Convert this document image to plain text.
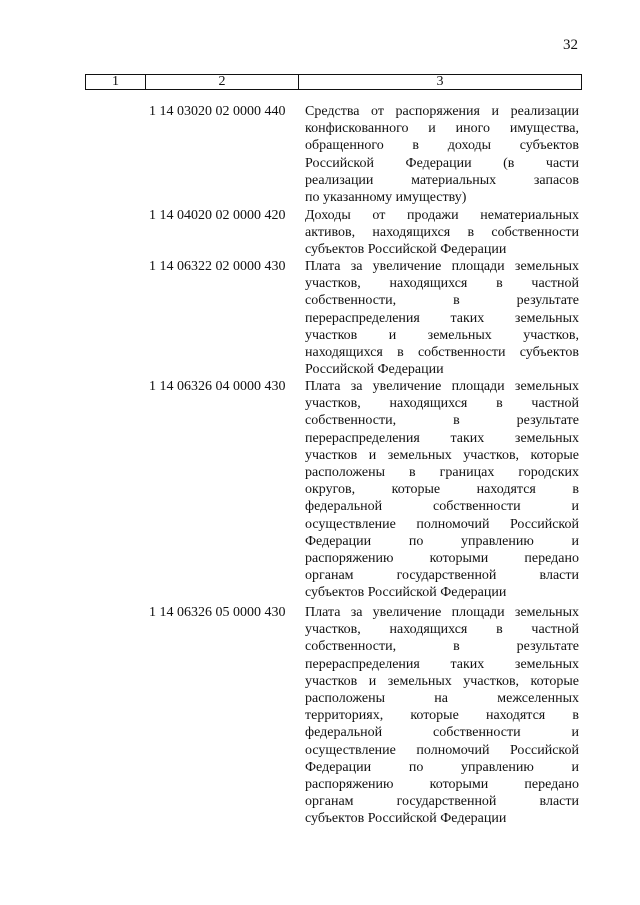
32
1	2	3
1 14 03020 02 0000 440 Средства от распоряжения и реализации
конфискованного и иного имущества,
обращенного в доходы субъектов
Российской Федерации (в части
реализации материальных запасов
по указанному имуществу)
1 14 04020 02 0000 420 Доходы от продажи нематериальных
активов, находящихся в собственности
субъектов Российской Федерации
1 14 06322 02 0000 430 Плата за увеличение площади земельных
участков, находящихся в частной
собственности, в результате
перераспределения таких земельных
участков и земельных участков,
находящихся в собственности субъектов
Российской Федерации
1 14 06326 04 0000 430 Плата за увеличение площади земельных
участков, находящихся в частной
собственности, в результате
перераспределения таких земельных
участков и земельных участков, которые
расположены в границах городских
округов, которые находятся в
федеральной собственности и
осуществление полномочий Российской
Федерации по управлению и
распоряжению которыми передано
органам государственной власти
субъектов Российской Федерации
1 14 06326 05 0000 430 Плата за увеличение площади земельных
участков, находящихся в частной
собственности, в результате
перераспределения таких земельных
участков и земельных участков, которые
расположены на межселенных
территориях, которые находятся в
федеральной собственности и
осуществление полномочий Российской
Федерации по управлению и
распоряжению которыми передано
органам государственной власти
субъектов Российской Федерации
